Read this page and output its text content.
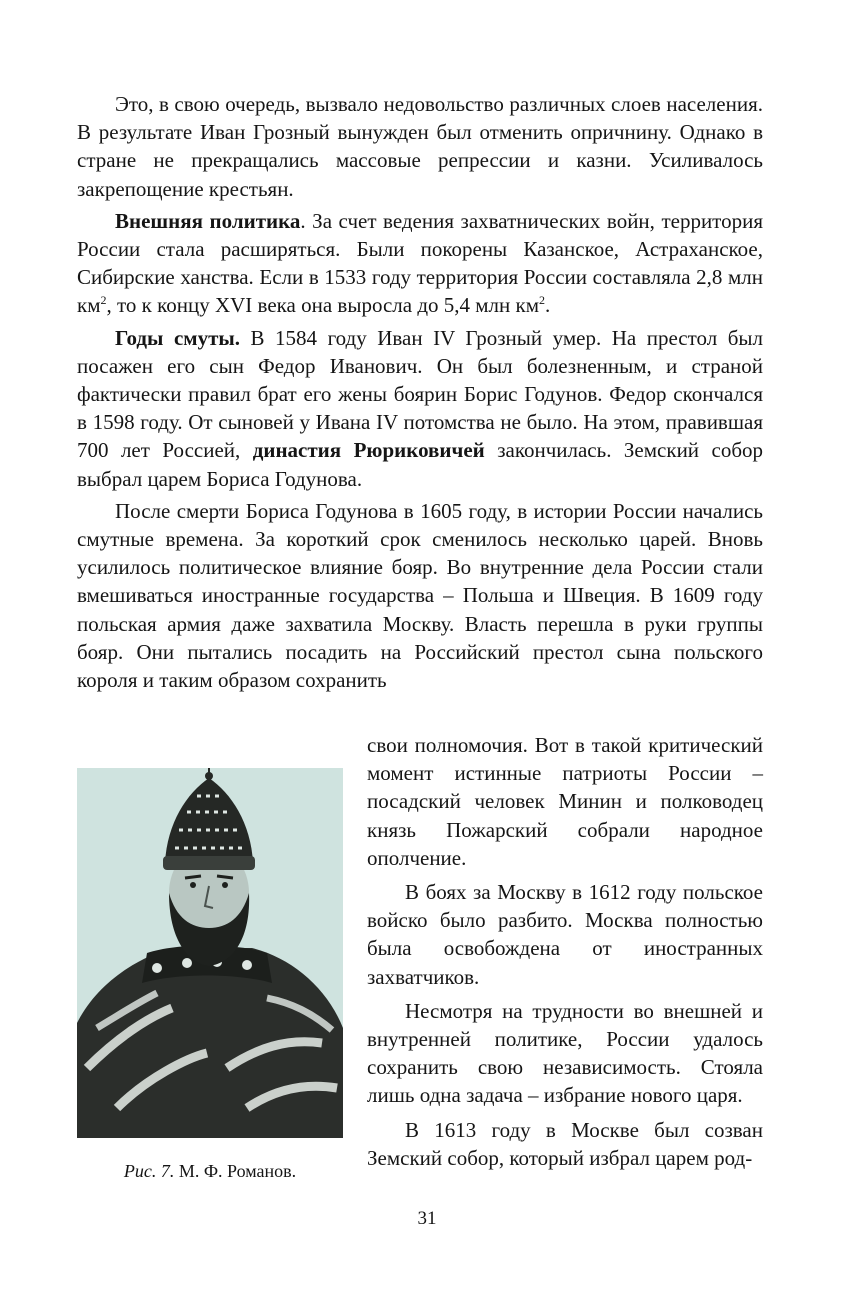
Это, в свою очередь, вызвало недовольство различных слоев населения. В результате Иван Грозный вынужден был отменить опричнину. Однако в стране не прекращались массовые репрессии и казни. Усиливалось закрепощение крестьян.

Внешняя политика. За счет ведения захватнических войн, территория России стала расширяться. Были покорены Казанское, Астраханское, Сибирские ханства. Если в 1533 году территория России составляла 2,8 млн $км^2$, то к концу XVI века она выросла до 5,4 млн $км^2$.

Годы смуты. В 1584 году Иван IV Грозный умер. На престол был посажен его сын Федор Иванович. Он был болезненным, и страной фактически правил брат его жены боярин Борис Годунов. Федор скончался в 1598 году. От сыновей у Ивана IV потомства не было. На этом, правившая 700 лет Россией, династия Рюриковичей закончилась. Земский собор выбрал царем Бориса Годунова.

После смерти Бориса Годунова в 1605 году, в истории России начались смутные времена. За короткий срок сменилось несколько царей. Вновь усилилось политическое влияние бояр. Во внутренние дела России стали вмешиваться иностранные государства – Польша и Швеция. В 1609 году польская армия даже захватила Москву. Власть перешла в руки группы бояр. Они пытались посадить на Российский престол сына польского короля и таким образом сохранить

Рис. 7. М. Ф. Романов.

свои полномочия. Вот в такой критический момент истинные патриоты России – посадский человек Минин и полководец князь Пожарский собрали народное ополчение.

В боях за Москву в 1612 году польское войско было разбито. Москва полностью была освобождена от иностранных захватчиков.

Несмотря на трудности во внешней и внутренней политике, России удалось сохранить свою независимость. Стояла лишь одна задача – избрание нового царя.

В 1613 году в Москве был созван Земский собор, который избрал царем род-

31
